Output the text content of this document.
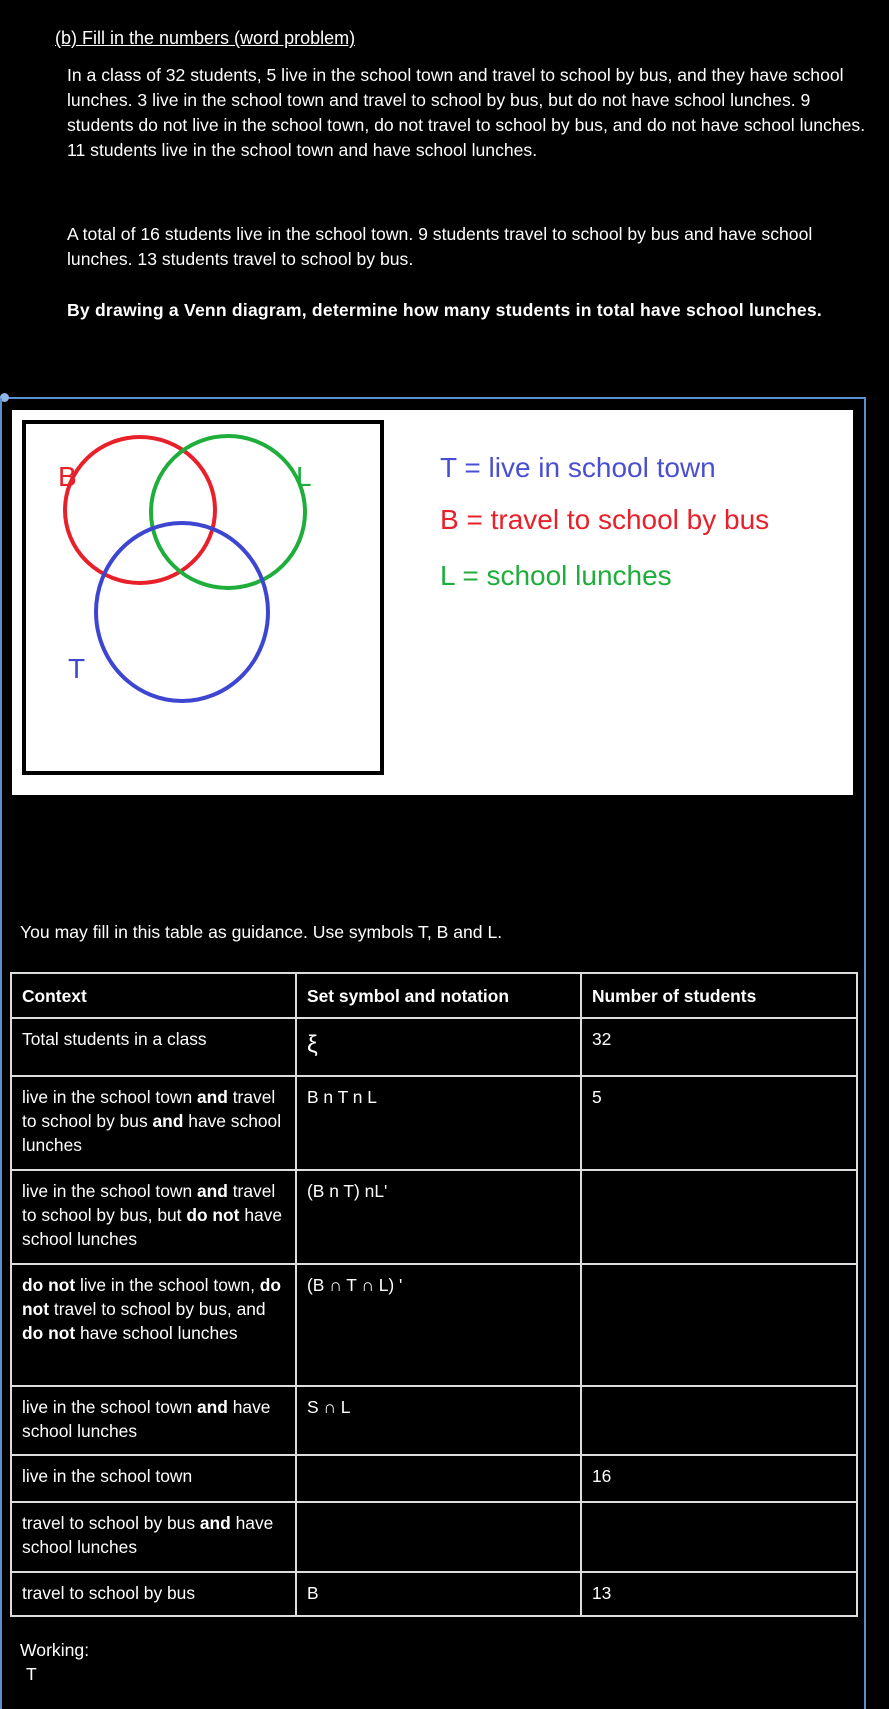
(b) Fill in the numbers (word problem)
In a class of 32 students, 5 live in the school town and travel to school by bus, and they have school lunches. 3 live in the school town and travel to school by bus, but do not have school lunches. 9 students do not live in the school town, do not travel to school by bus, and do not have school lunches. 11 students live in the school town and have school lunches.
A total of 16 students live in the school town. 9 students travel to school by bus and have school lunches. 13 students travel to school by bus.
By drawing a Venn diagram, determine how many students in total have school lunches.
B	L
T
T = live in school town
B = travel to school by bus
L = school lunches
You may fill in this table as guidance. Use symbols T, B and L.
Context	Set symbol and notation	Number of students
Total students in a class	ξ	32
live in the school town and travel to school by bus and have school lunches	B n T n L	5
live in the school town and travel to school by bus, but do not have school lunches	(B n T) nL'	
do not live in the school town, do not travel to school by bus, and do not have school lunches	(B ∩ T ∩ L) '	
live in the school town and have school lunches	S ∩ L	
live in the school town		16
travel to school by bus and have school lunches		
travel to school by bus	B	13
Working:
T
